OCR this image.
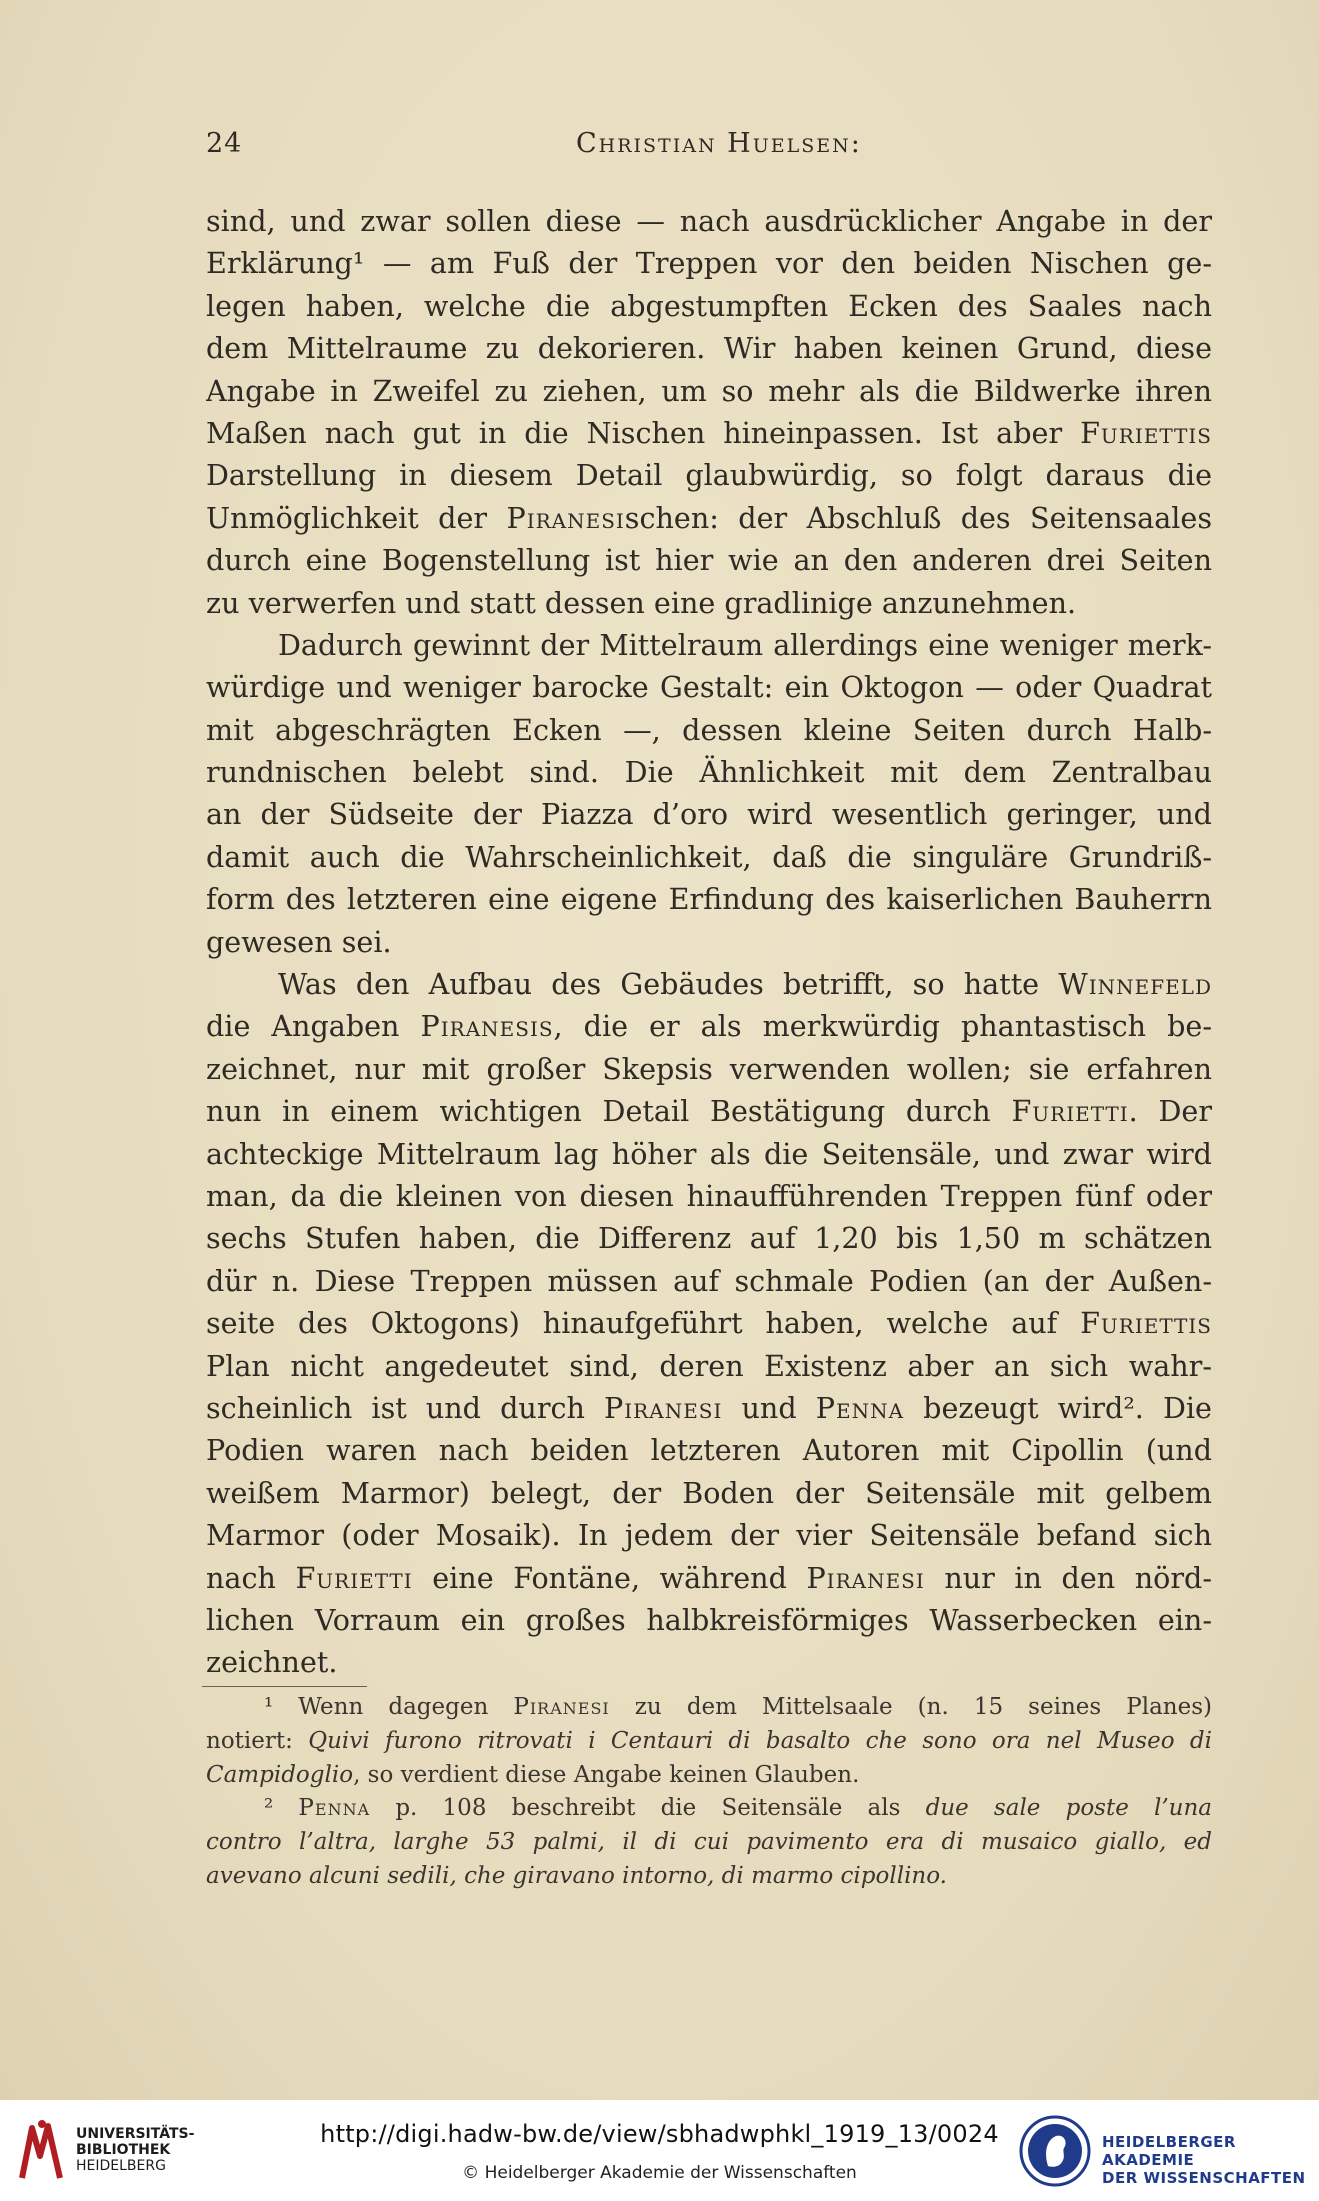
24	Christian Huelsen:
sind, und zwar sollen diese — nach ausdrücklicher Angabe in der
Erklärung¹ — am Fuß der Treppen vor den beiden Nischen ge-
legen haben, welche die abgestumpften Ecken des Saales nach
dem Mittelraume zu dekorieren. Wir haben keinen Grund, diese
Angabe in Zweifel zu ziehen, um so mehr als die Bildwerke ihren
Maßen nach gut in die Nischen hineinpassen. Ist aber Furiettis
Darstellung in diesem Detail glaubwürdig, so folgt daraus die
Unmöglichkeit der Piranesischen: der Abschluß des Seitensaales
durch eine Bogenstellung ist hier wie an den anderen drei Seiten
zu verwerfen und statt dessen eine gradlinige anzunehmen.
Dadurch gewinnt der Mittelraum allerdings eine weniger merk-
würdige und weniger barocke Gestalt: ein Oktogon — oder Quadrat
mit abgeschrägten Ecken —, dessen kleine Seiten durch Halb-
rundnischen belebt sind. Die Ähnlichkeit mit dem Zentralbau
an der Südseite der Piazza d’oro wird wesentlich geringer, und
damit auch die Wahrscheinlichkeit, daß die singuläre Grundriß-
form des letzteren eine eigene Erfindung des kaiserlichen Bauherrn
gewesen sei.
Was den Aufbau des Gebäudes betrifft, so hatte Winnefeld
die Angaben Piranesis, die er als merkwürdig phantastisch be-
zeichnet, nur mit großer Skepsis verwenden wollen; sie erfahren
nun in einem wichtigen Detail Bestätigung durch Furietti. Der
achteckige Mittelraum lag höher als die Seitensäle, und zwar wird
man, da die kleinen von diesen hinaufführenden Treppen fünf oder
sechs Stufen haben, die Differenz auf 1,20 bis 1,50 m schätzen
dür n. Diese Treppen müssen auf schmale Podien (an der Außen-
seite des Oktogons) hinaufgeführt haben, welche auf Furiettis
Plan nicht angedeutet sind, deren Existenz aber an sich wahr-
scheinlich ist und durch Piranesi und Penna bezeugt wird². Die
Podien waren nach beiden letzteren Autoren mit Cipollin (und
weißem Marmor) belegt, der Boden der Seitensäle mit gelbem
Marmor (oder Mosaik). In jedem der vier Seitensäle befand sich
nach Furietti eine Fontäne, während Piranesi nur in den nörd-
lichen Vorraum ein großes halbkreisförmiges Wasserbecken ein-
zeichnet.
¹ Wenn dagegen Piranesi zu dem Mittelsaale (n. 15 seines Planes)
notiert: Quivi furono ritrovati i Centauri di basalto che sono ora nel Museo di
Campidoglio, so verdient diese Angabe keinen Glauben.
² Penna p. 108 beschreibt die Seitensäle als due sale poste l’una
contro l’altra, larghe 53 palmi, il di cui pavimento era di musaico giallo, ed
avevano alcuni sedili, che giravano intorno, di marmo cipollino.
UNIVERSITÄTS-
BIBLIOTHEK
HEIDELBERG
http://digi.hadw-bw.de/view/sbhadwphkl_1919_13/0024
© Heidelberger Akademie der Wissenschaften
HEIDELBERGER AKADEMIE
DER WISSENSCHAFTEN
